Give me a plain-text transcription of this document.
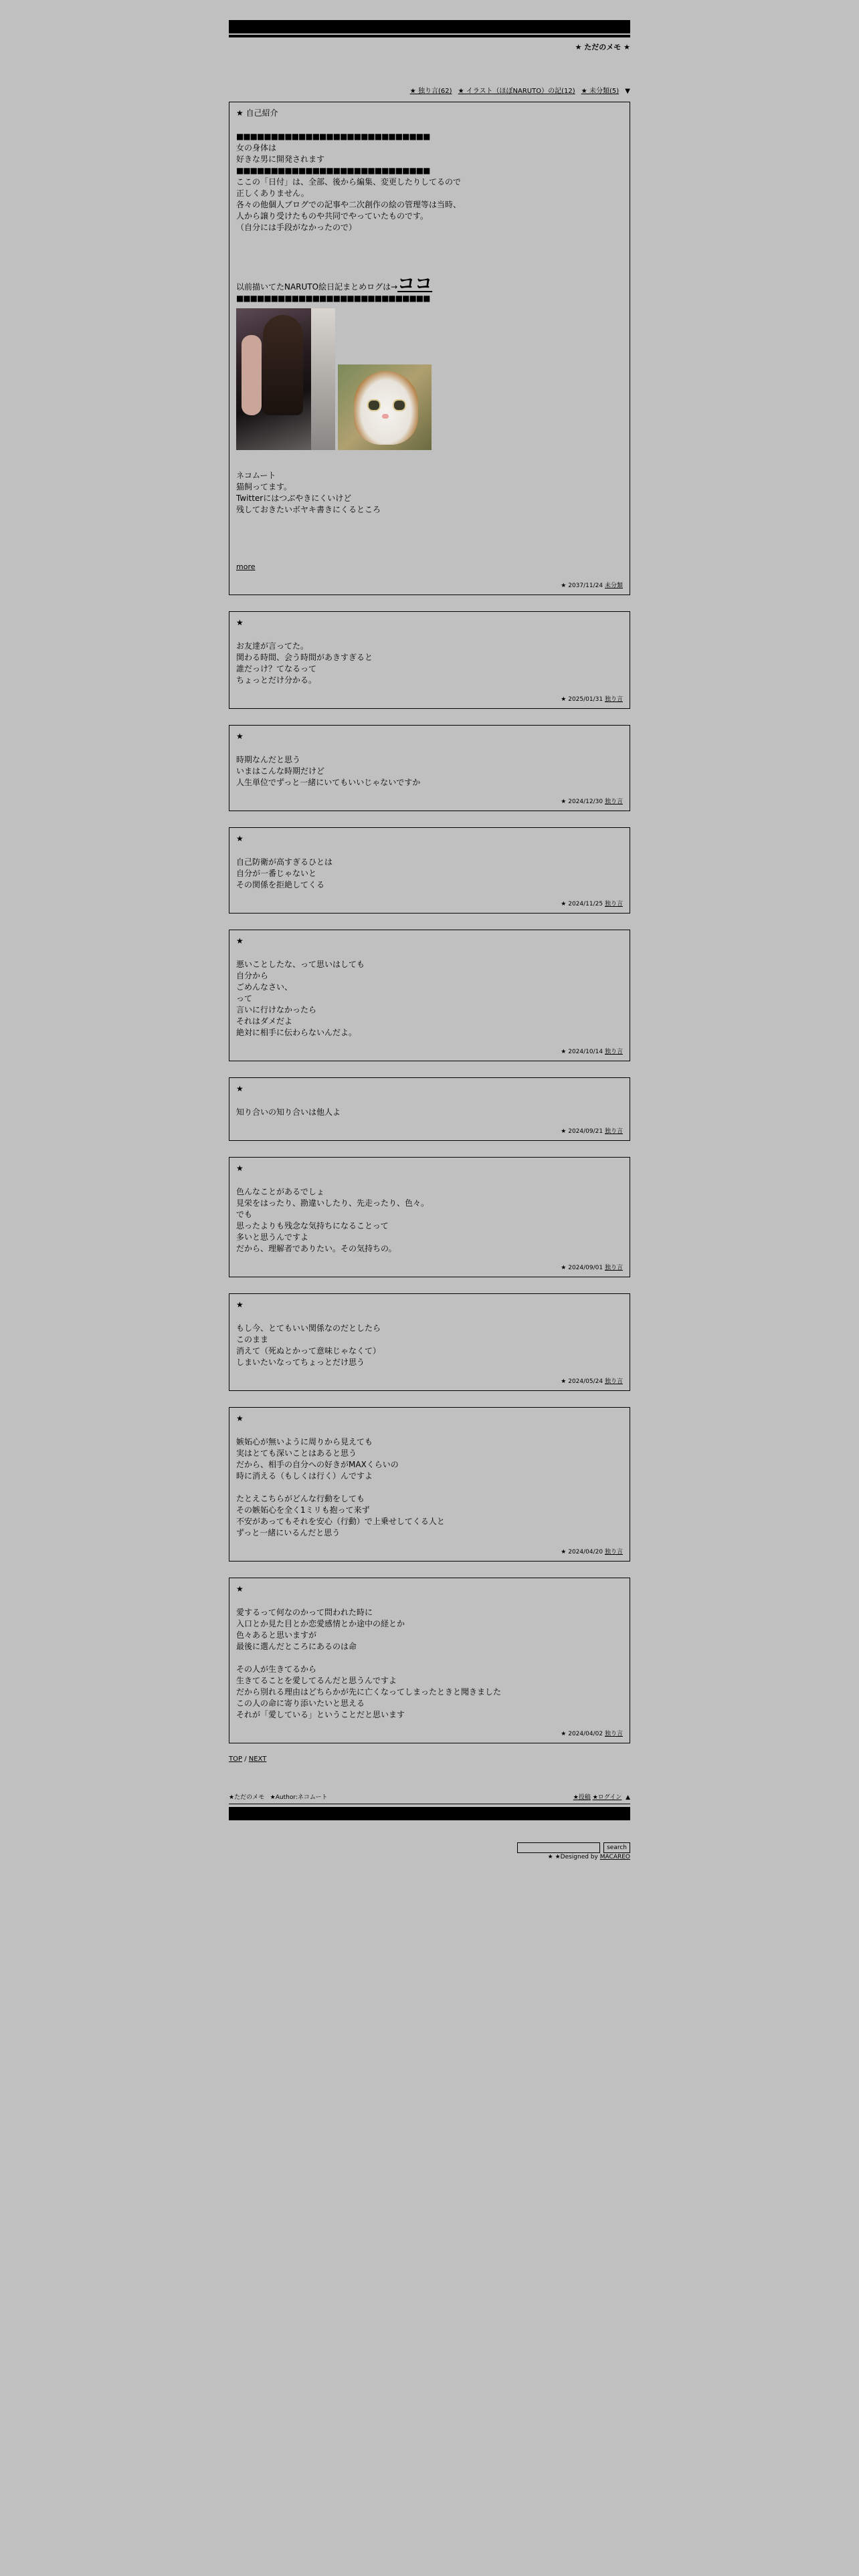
★ ただのメモ ★
★ 独り言(62) ★ イラスト（ほぼNARUTO）の記(12) ★ 未分類(5) ▼
★ 自己紹介
■■■■■■■■■■■■■■■■■■■■■■■■■■■■

女の身体は

好きな男に開発されます

■■■■■■■■■■■■■■■■■■■■■■■■■■■■

ここの「日付」は、全部、後から編集、変更したりしてるので

正しくありません。

各々の他個人ブログでの記事や二次創作の絵の管理等は当時、

人から譲り受けたものや共同でやっていたものです。

（自分には手段がなかったので）

以前描いてたNARUTO絵日記まとめログは→ココ

■■■■■■■■■■■■■■■■■■■■■■■■■■■■

ネコムート

猫飼ってます。

Twitterにはつぶやきにくいけど

残しておきたいボヤキ書きにくるところ

more
★ 2037/11/24 未分類
★

お友達が言ってた。

関わる時間、会う時間があきすぎると

誰だっけ？てなるって

ちょっとだけ分かる。

★ 2025/01/31 独り言
★

時期なんだと思う

いまはこんな時期だけど

人生単位でずっと一緒にいてもいいじゃないですか

★ 2024/12/30 独り言
★

自己防衛が高すぎるひとは

自分が一番じゃないと

その関係を拒絶してくる

★ 2024/11/25 独り言
★

悪いことしたな、って思いはしても

自分から

ごめんなさい、

って

言いに行けなかったら

それはダメだよ

絶対に相手に伝わらないんだよ。

★ 2024/10/14 独り言
★

知り合いの知り合いは他人よ

★ 2024/09/21 独り言
★

色んなことがあるでしょ

見栄をはったり、勘違いしたり、先走ったり、色々。

でも

思ったよりも残念な気持ちになることって

多いと思うんですよ

だから、理解者でありたい。その気持ちの。

★ 2024/09/01 独り言
★

もし今、とてもいい関係なのだとしたら

このまま

消えて（死ぬとかって意味じゃなくて）

しまいたいなってちょっとだけ思う

★ 2024/05/24 独り言
★

嫉妬心が無いように周りから見えても

実はとても深いことはあると思う

だから、相手の自分への好きがMAXくらいの

時に消える（もしくは行く）んですよ

たとえこちらがどんな行動をしても

その嫉妬心を全く1ミリも抱って来ず

不安があってもそれを安心（行動）で上乗せしてくる人と

ずっと一緒にいるんだと思う

★ 2024/04/20 独り言
★

愛するって何なのかって問われた時に

入口とか見た目とか恋愛感情とか途中の経とか

色々あると思いますが

最後に選んだところにあるのは命

その人が生きてるから

生きてることを愛してるんだと思うんですよ

だから別れる理由はどちらかが先に亡くなってしまったときと聞きました

この人の命に寄り添いたいと思える

それが「愛している」ということだと思います

★ 2024/04/02 独り言
TOP / NEXT
★ただのメモ ★Author:ネコムート	★投稿 ★ログイン ▲
search
★ ★Designed by MACAREO
